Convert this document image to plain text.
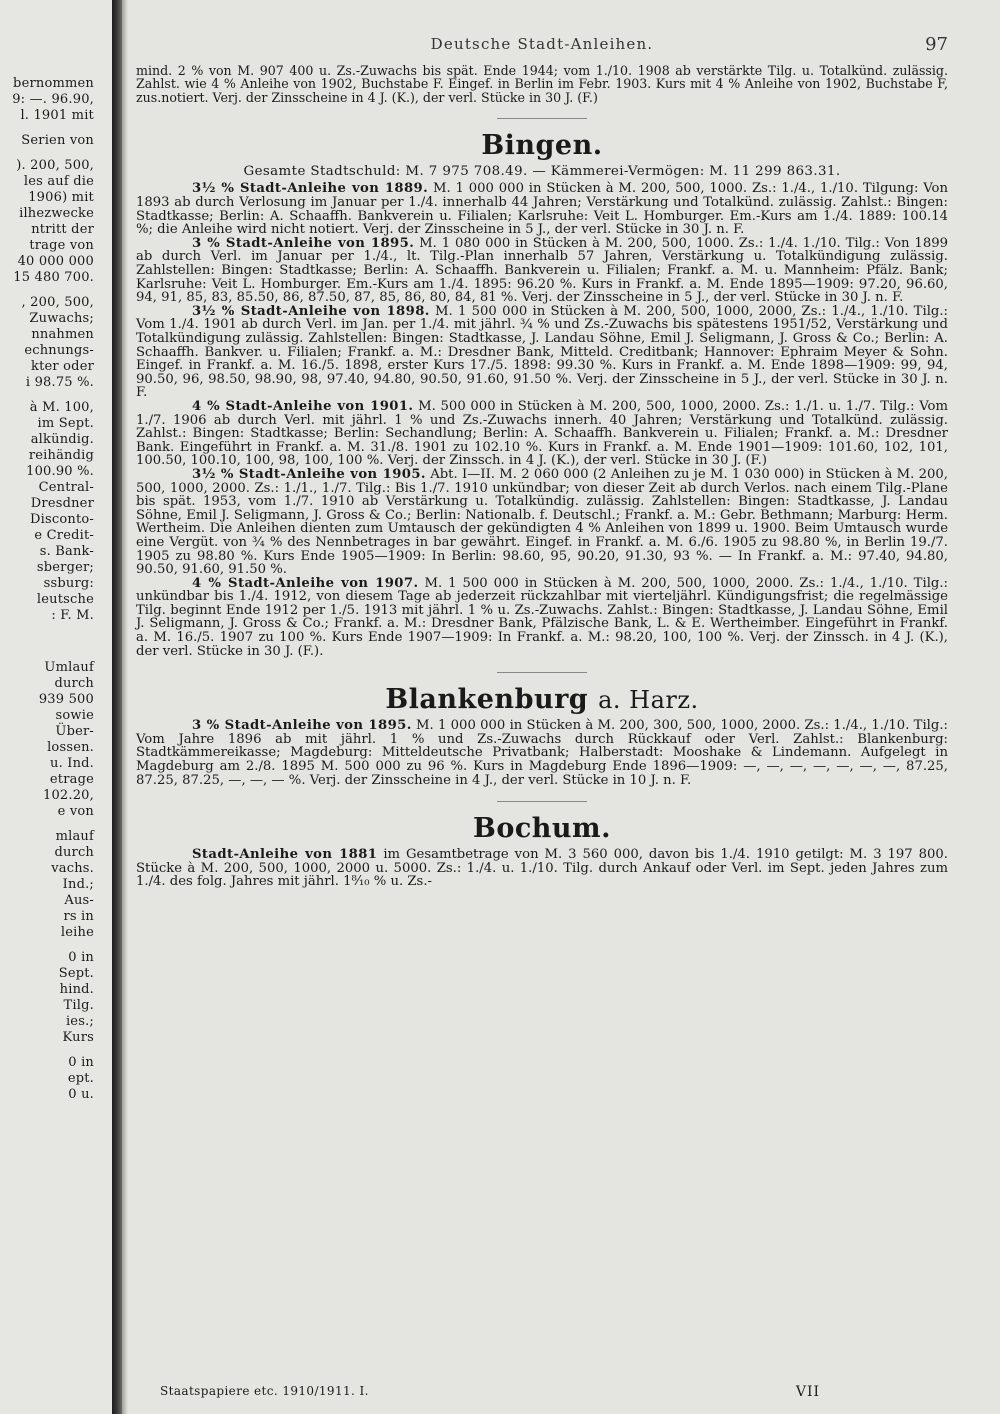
bernommen
9: —. 96.90,
l. 1901 mit
Serien von
). 200, 500,
les auf die
1906) mit
ilhezwecke
ntritt der
trage von
40 000 000
15 480 700.
, 200, 500,
Zuwachs;
nnahmen
echnungs-
kter oder
i 98.75 %.
à M. 100,
im Sept.
alkündig.
reihändig
100.90 %.
Central-
Dresdner
Disconto-
e Credit-
s. Bank-
sberger;
ssburg:
leutsche
: F. M.
Umlauf
durch
939 500
sowie
Über-
lossen.
u. Ind.
etrage
102.20,
e von
mlauf
durch
vachs.
Ind.;
Aus-
rs in
leihe
0 in
Sept.
hind.
Tilg.
ies.;
Kurs
0 in
ept.
0 u.
Deutsche Stadt-Anleihen.	97

mind. 2 % von M. 907 400 u. Zs.-Zuwachs bis spät. Ende 1944; vom 1./10. 1908 ab verstärkte Tilg. u. Totalkünd. zulässig. Zahlst. wie 4 % Anleihe von 1902, Buchstabe F. Eingef. in Berlin im Febr. 1903. Kurs mit 4 % Anleihe von 1902, Buchstabe F, zus.notiert. Verj. der Zinsscheine in 4 J. (K.), der verl. Stücke in 30 J. (F.)

Bingen.
Gesamte Stadtschuld: M. 7 975 708.49. — Kämmerei-Vermögen: M. 11 299 863.31.

3½ % Stadt-Anleihe von 1889. M. 1 000 000 in Stücken à M. 200, 500, 1000. Zs.: 1./4., 1./10. Tilgung: Von 1893 ab durch Verlosung im Januar per 1./4. innerhalb 44 Jahren; Verstärkung und Totalkünd. zulässig. Zahlst.: Bingen: Stadtkasse; Berlin: A. Schaaffh. Bankverein u. Filialen; Karlsruhe: Veit L. Homburger. Em.-Kurs am 1./4. 1889: 100.14 %; die Anleihe wird nicht notiert. Verj. der Zinsscheine in 5 J., der verl. Stücke in 30 J. n. F.

3 % Stadt-Anleihe von 1895. M. 1 080 000 in Stücken à M. 200, 500, 1000. Zs.: 1./4. 1./10. Tilg.: Von 1899 ab durch Verl. im Januar per 1./4., lt. Tilg.-Plan innerhalb 57 Jahren, Verstärkung u. Totalkündigung zulässig. Zahlstellen: Bingen: Stadtkasse; Berlin: A. Schaaffh. Bankverein u. Filialen; Frankf. a. M. u. Mannheim: Pfälz. Bank; Karlsruhe: Veit L. Homburger. Em.-Kurs am 1./4. 1895: 96.20 %. Kurs in Frankf. a. M. Ende 1895—1909: 97.20, 96.60, 94, 91, 85, 83, 85.50, 86, 87.50, 87, 85, 86, 80, 84, 81 %. Verj. der Zinsscheine in 5 J., der verl. Stücke in 30 J. n. F.

3½ % Stadt-Anleihe von 1898. M. 1 500 000 in Stücken à M. 200, 500, 1000, 2000, Zs.: 1./4., 1./10. Tilg.: Vom 1./4. 1901 ab durch Verl. im Jan. per 1./4. mit jährl. ¾ % und Zs.-Zuwachs bis spätestens 1951/52, Verstärkung und Totalkündigung zulässig. Zahlstellen: Bingen: Stadtkasse, J. Landau Söhne, Emil J. Seligmann, J. Gross & Co.; Berlin: A. Schaaffh. Bankver. u. Filialen; Frankf. a. M.: Dresdner Bank, Mitteld. Creditbank; Hannover: Ephraim Meyer & Sohn. Eingef. in Frankf. a. M. 16./5. 1898, erster Kurs 17./5. 1898: 99.30 %. Kurs in Frankf. a. M. Ende 1898—1909: 99, 94, 90.50, 96, 98.50, 98.90, 98, 97.40, 94.80, 90.50, 91.60, 91.50 %. Verj. der Zinsscheine in 5 J., der verl. Stücke in 30 J. n. F.

4 % Stadt-Anleihe von 1901. M. 500 000 in Stücken à M. 200, 500, 1000, 2000. Zs.: 1./1. u. 1./7. Tilg.: Vom 1./7. 1906 ab durch Verl. mit jährl. 1 % und Zs.-Zuwachs innerh. 40 Jahren; Verstärkung und Totalkünd. zulässig. Zahlst.: Bingen: Stadtkasse; Berlin: Sechandlung; Berlin: A. Schaaffh. Bankverein u. Filialen; Frankf. a. M.: Dresdner Bank. Eingeführt in Frankf. a. M. 31./8. 1901 zu 102.10 %. Kurs in Frankf. a. M. Ende 1901—1909: 101.60, 102, 101, 100.50, 100.10, 100, 98, 100, 100 %. Verj. der Zinssch. in 4 J. (K.), der verl. Stücke in 30 J. (F.)

3½ % Stadt-Anleihe von 1905. Abt. I—II. M. 2 060 000 (2 Anleihen zu je M. 1 030 000) in Stücken à M. 200, 500, 1000, 2000. Zs.: 1./1., 1./7. Tilg.: Bis 1./7. 1910 unkündbar; von dieser Zeit ab durch Verlos. nach einem Tilg.-Plane bis spät. 1953, vom 1./7. 1910 ab Verstärkung u. Totalkündig. zulässig. Zahlstellen: Bingen: Stadtkasse, J. Landau Söhne, Emil J. Seligmann, J. Gross & Co.; Berlin: Nationalb. f. Deutschl.; Frankf. a. M.: Gebr. Bethmann; Marburg: Herm. Wertheim. Die Anleihen dienten zum Umtausch der gekündigten 4 % Anleihen von 1899 u. 1900. Beim Umtausch wurde eine Vergüt. von ¾ % des Nennbetrages in bar gewährt. Eingef. in Frankf. a. M. 6./6. 1905 zu 98.80 %, in Berlin 19./7. 1905 zu 98.80 %. Kurs Ende 1905—1909: In Berlin: 98.60, 95, 90.20, 91.30, 93 %. — In Frankf. a. M.: 97.40, 94.80, 90.50, 91.60, 91.50 %.

4 % Stadt-Anleihe von 1907. M. 1 500 000 in Stücken à M. 200, 500, 1000, 2000. Zs.: 1./4., 1./10. Tilg.: unkündbar bis 1./4. 1912, von diesem Tage ab jederzeit rückzahlbar mit vierteljährl. Kündigungsfrist; die regelmässige Tilg. beginnt Ende 1912 per 1./5. 1913 mit jährl. 1 % u. Zs.-Zuwachs. Zahlst.: Bingen: Stadtkasse, J. Landau Söhne, Emil J. Seligmann, J. Gross & Co.; Frankf. a. M.: Dresdner Bank, Pfälzische Bank, L. & E. Wertheimber. Eingeführt in Frankf. a. M. 16./5. 1907 zu 100 %. Kurs Ende 1907—1909: In Frankf. a. M.: 98.20, 100, 100 %. Verj. der Zinssch. in 4 J. (K.), der verl. Stücke in 30 J. (F.).

Blankenburg a. Harz.

3 % Stadt-Anleihe von 1895. M. 1 000 000 in Stücken à M. 200, 300, 500, 1000, 2000. Zs.: 1./4., 1./10. Tilg.: Vom Jahre 1896 ab mit jährl. 1 % und Zs.-Zuwachs durch Rückkauf oder Verl. Zahlst.: Blankenburg: Stadtkämmereikasse; Magdeburg: Mitteldeutsche Privatbank; Halberstadt: Mooshake & Lindemann. Aufgelegt in Magdeburg am 2./8. 1895 M. 500 000 zu 96 %. Kurs in Magdeburg Ende 1896—1909: —, —, —, —, —, —, —, 87.25, 87.25, 87.25, —, —, — %. Verj. der Zinsscheine in 4 J., der verl. Stücke in 10 J. n. F.

Bochum.

Stadt-Anleihe von 1881 im Gesamtbetrage von M. 3 560 000, davon bis 1./4. 1910 getilgt: M. 3 197 800. Stücke à M. 200, 500, 1000, 2000 u. 5000. Zs.: 1./4. u. 1./10. Tilg. durch Ankauf oder Verl. im Sept. jeden Jahres zum 1./4. des folg. Jahres mit jährl. 1⁸⁄₁₀ % u. Zs.-

Staatspapiere etc. 1910/1911. I.	VII
